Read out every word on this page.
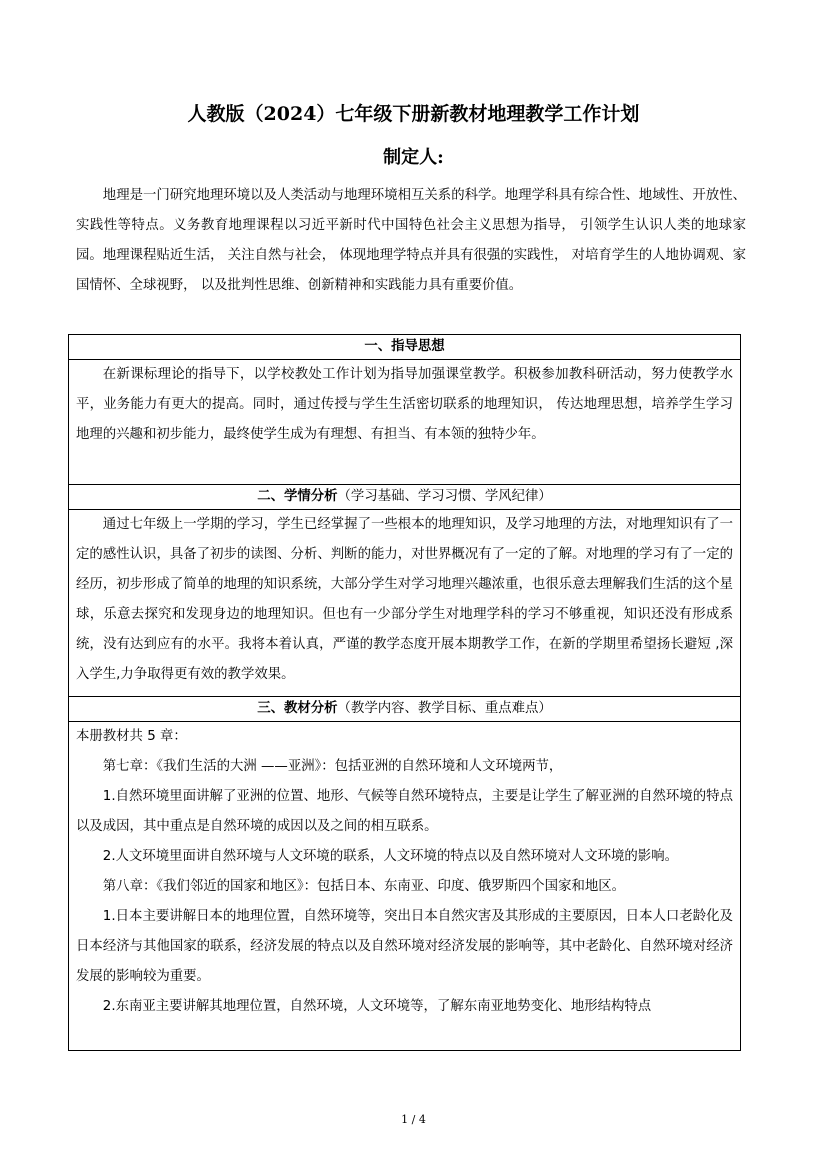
人教版（2024）七年级下册新教材地理教学工作计划
制定人:

地理是一门研究地理环境以及人类活动与地理环境相互关系的科学。地理学科具有综合性、地域性、开放性、实践性等特点。义务教育地理课程以习近平新时代中国特色社会主义思想为指导， 引领学生认识人类的地球家园。地理课程贴近生活， 关注自然与社会， 体现地理学特点并具有很强的实践性， 对培育学生的人地协调观、家国情怀、全球视野， 以及批判性思维、创新精神和实践能力具有重要价值。

一、指导思想

在新课标理论的指导下，以学校教处工作计划为指导加强课堂教学。积极参加教科研活动，努力使教学水平，业务能力有更大的提高。同时，通过传授与学生生活密切联系的地理知识， 传达地理思想，培养学生学习地理的兴趣和初步能力，最终使学生成为有理想、有担当、有本领的独特少年。

二、学情分析（学习基础、学习习惯、学风纪律）

通过七年级上一学期的学习，学生已经掌握了一些根本的地理知识，及学习地理的方法，对地理知识有了一定的感性认识，具备了初步的读图、分析、判断的能力，对世界概况有了一定的了解。对地理的学习有了一定的经历，初步形成了简单的地理的知识系统，大部分学生对学习地理兴趣浓重，也很乐意去理解我们生活的这个星球，乐意去探究和发现身边的地理知识。但也有一少部分学生对地理学科的学习不够重视，知识还没有形成系统，没有达到应有的水平。我将本着认真，严谨的教学态度开展本期教学工作，在新的学期里希望扬长避短 ,深入学生,力争取得更有效的教学效果。

三、教材分析（教学内容、教学目标、重点难点）

本册教材共 5 章：

第七章：《我们生活的大洲 ——亚洲》：包括亚洲的自然环境和人文环境两节，

1.自然环境里面讲解了亚洲的位置、地形、气候等自然环境特点，主要是让学生了解亚洲的自然环境的特点以及成因，其中重点是自然环境的成因以及之间的相互联系。

2.人文环境里面讲自然环境与人文环境的联系，人文环境的特点以及自然环境对人文环境的影响。

第八章：《我们邻近的国家和地区》：包括日本、东南亚、印度、俄罗斯四个国家和地区。

1.日本主要讲解日本的地理位置，自然环境等，突出日本自然灾害及其形成的主要原因，日本人口老龄化及日本经济与其他国家的联系，经济发展的特点以及自然环境对经济发展的影响等，其中老龄化、自然环境对经济发展的影响较为重要。

2.东南亚主要讲解其地理位置，自然环境，人文环境等，了解东南亚地势变化、地形结构特点

1 / 4
